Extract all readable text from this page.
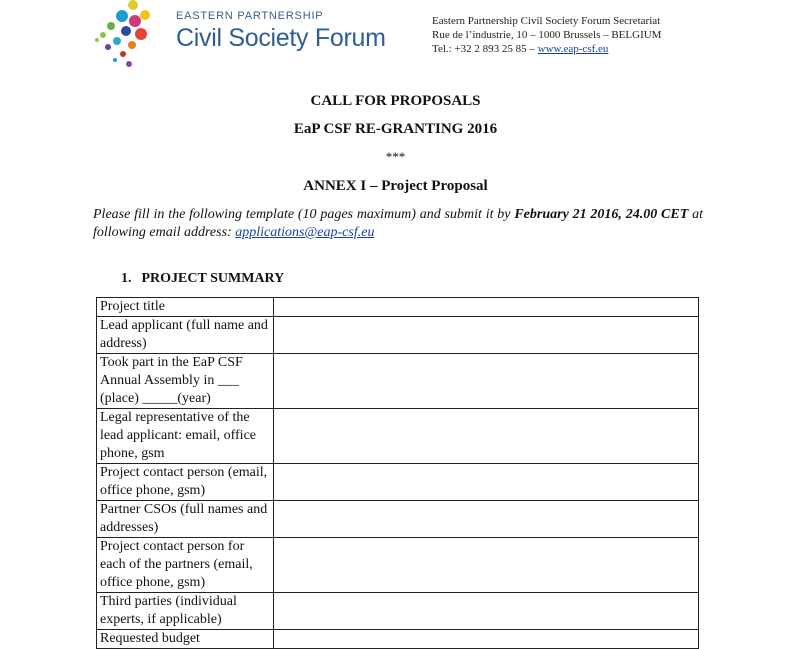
EASTERN PARTNERSHIP
Civil Society Forum
Eastern Partnership Civil Society Forum Secretariat
Rue de l’industrie, 10 – 1000 Brussels – BELGIUM
Tel.: +32 2 893 25 85 – www.eap-csf.eu
CALL FOR PROPOSALS
EaP CSF RE-GRANTING 2016
***
ANNEX I – Project Proposal
Please fill in the following template (10 pages maximum) and submit it by February 21 2016, 24.00 CET at following email address: applications@eap-csf.eu
1. PROJECT SUMMARY
Project title	
Lead applicant (full name and address)	
Took part in the EaP CSF Annual Assembly in ___ (place) _____(year)	
Legal representative of the lead applicant: email, office phone, gsm	
Project contact person (email, office phone, gsm)	
Partner CSOs (full names and addresses)	
Project contact person for each of the partners (email, office phone, gsm)	
Third parties (individual experts, if applicable)	
Requested budget	
